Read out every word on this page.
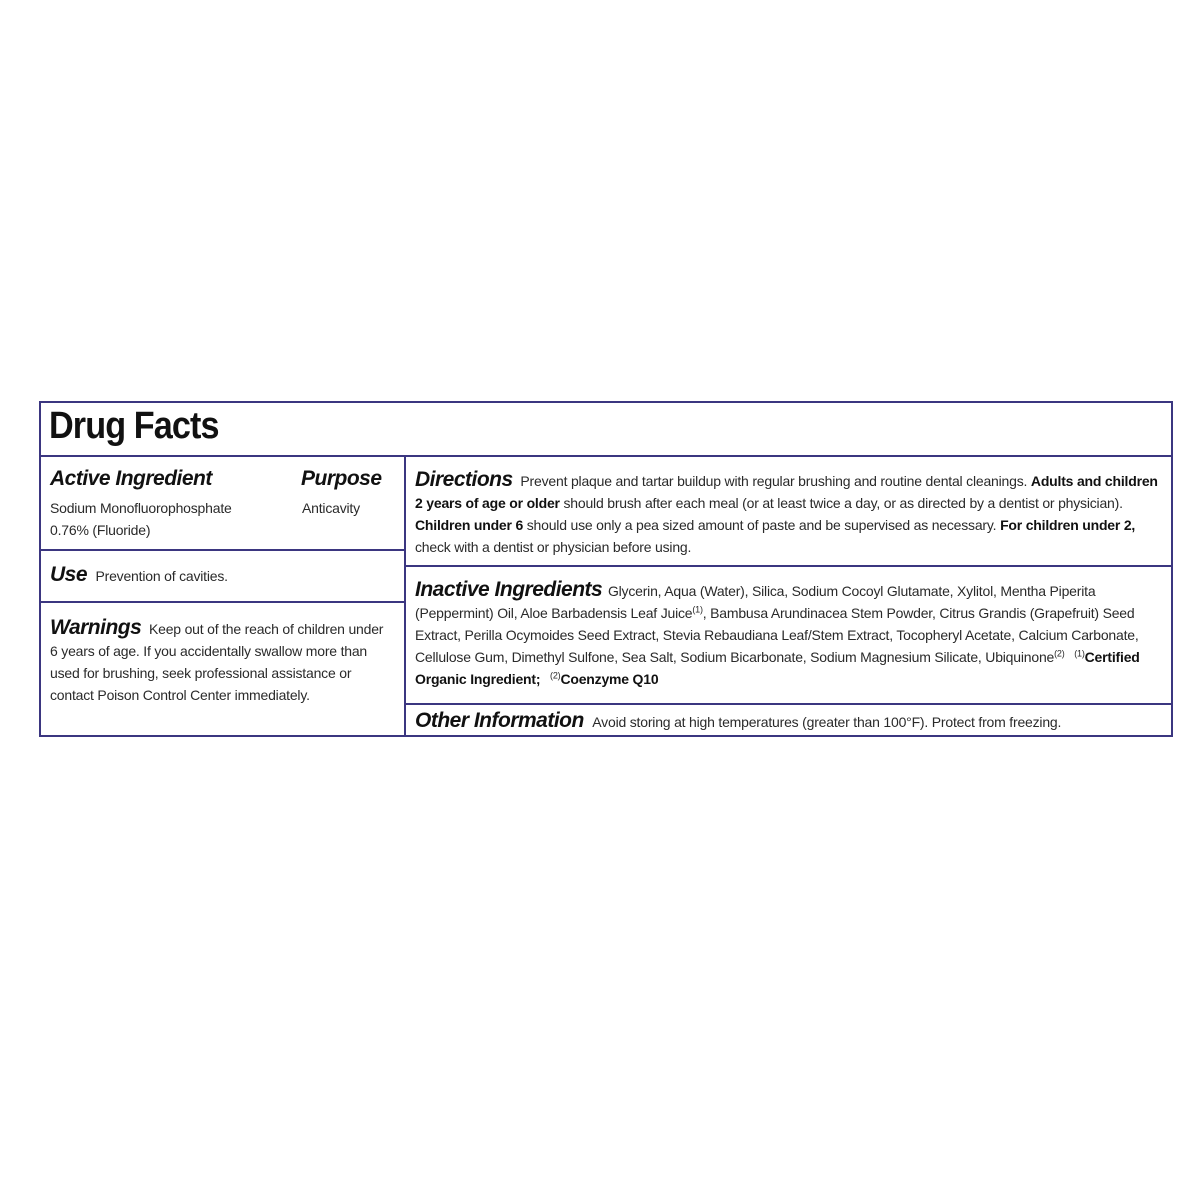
Drug Facts
Active Ingredient	Purpose
Sodium Monofluorophosphate
0.76% (Fluoride)
Anticavity
Use Prevention of cavities.
Warnings Keep out of the reach of children under 6 years of age. If you accidentally swallow more than used for brushing, seek professional assistance or contact Poison Control Center immediately.
Directions Prevent plaque and tartar buildup with regular brushing and routine dental cleanings. Adults and children 2 years of age or older should brush after each meal (or at least twice a day, or as directed by a dentist or physician). Children under 6 should use only a pea sized amount of paste and be supervised as necessary. For children under 2, check with a dentist or physician before using.
Inactive Ingredients Glycerin, Aqua (Water), Silica, Sodium Cocoyl Glutamate, Xylitol, Mentha Piperita (Peppermint) Oil, Aloe Barbadensis Leaf Juice$^{(1)}$, Bambusa Arundinacea Stem Powder, Citrus Grandis (Grapefruit) Seed Extract, Perilla Ocymoides Seed Extract, Stevia Rebaudiana Leaf/Stem Extract, Tocopheryl Acetate, Calcium Carbonate, Cellulose Gum, Dimethyl Sulfone, Sea Salt, Sodium Bicarbonate, Sodium Magnesium Silicate, Ubiquinone$^{(2)}$ $^{(1)}$Certified Organic Ingredient; $^{(2)}$Coenzyme Q10
Other Information Avoid storing at high temperatures (greater than 100°F). Protect from freezing.
